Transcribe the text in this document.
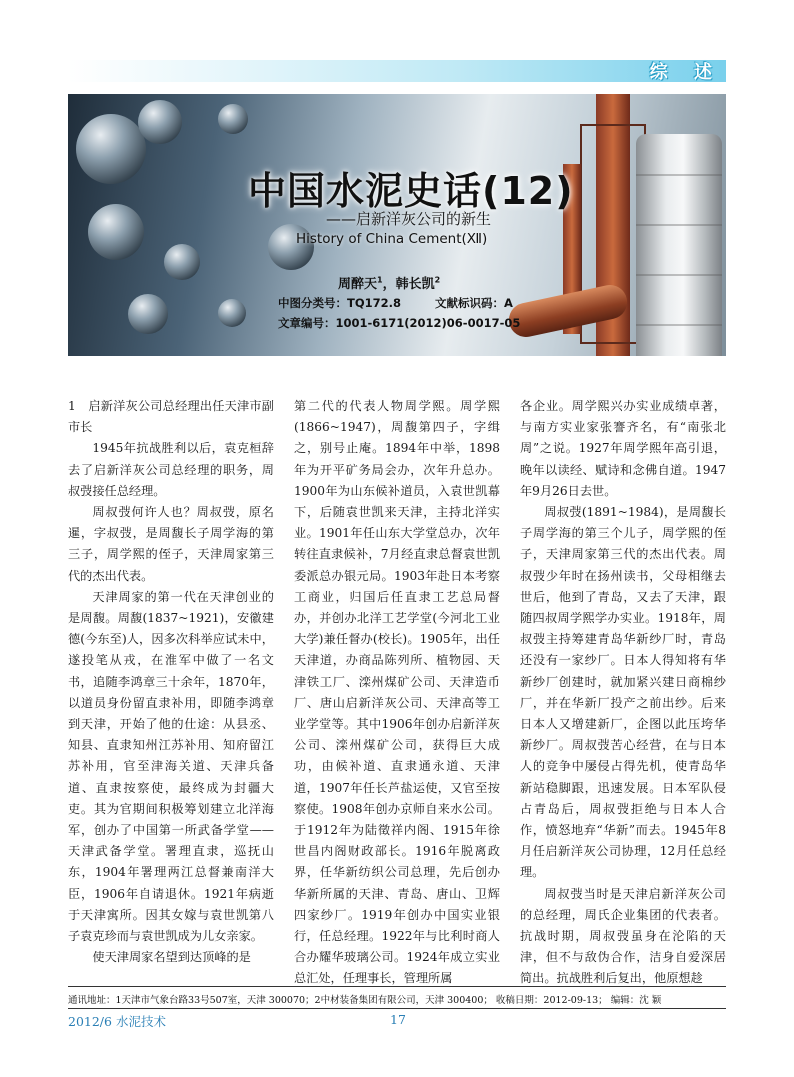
综 述
中国水泥史话(12)
——启新洋灰公司的新生
History of China Cement(Ⅻ)
周醉天$^1$，韩长凯$^2$
中图分类号：TQ172.8	文献标识码：A
文章编号：1001-6171(2012)06-0017-05
1　启新洋灰公司总经理出任天津市副市长

1945年抗战胜利以后，袁克桓辞去了启新洋灰公司总经理的职务，周叔弢接任总经理。

周叔弢何许人也？周叔弢，原名暹，字叔弢，是周馥长子周学海的第三子，周学熙的侄子，天津周家第三代的杰出代表。

天津周家的第一代在天津创业的是周馥。周馥(1837~1921)，安徽建德(今东至)人，因多次科举应试未中，遂投笔从戎，在淮军中做了一名文书，追随李鸿章三十余年，1870年，以道员身份留直隶补用，即随李鸿章到天津，开始了他的仕途：从县丞、知县、直隶知州江苏补用、知府留江苏补用，官至津海关道、天津兵备道、直隶按察使，最终成为封疆大吏。其为官期间积极筹划建立北洋海军，创办了中国第一所武备学堂——天津武备学堂。署理直隶，巡抚山东，1904年署理两江总督兼南洋大臣，1906年自请退休。1921年病逝于天津寓所。因其女嫁与袁世凯第八子袁克珍而与袁世凯成为儿女亲家。

使天津周家名望到达顶峰的是

第二代的代表人物周学熙。周学熙(1866~1947)，周馥第四子，字缉之，别号止庵。1894年中举，1898年为开平矿务局会办，次年升总办。1900年为山东候补道员，入袁世凯幕下，后随袁世凯来天津，主持北洋实业。1901年任山东大学堂总办，次年转往直隶候补，7月经直隶总督袁世凯委派总办银元局。1903年赴日本考察工商业，归国后任直隶工艺总局督办，并创办北洋工艺学堂(今河北工业大学)兼任督办(校长)。1905年，出任天津道，办商品陈列所、植物园、天津铁工厂、滦州煤矿公司、天津造币厂、唐山启新洋灰公司、天津高等工业学堂等。其中1906年创办启新洋灰公司、滦州煤矿公司，获得巨大成功，由候补道、直隶通永道、天津道，1907年任长芦盐运使，又官至按察使。1908年创办京师自来水公司。于1912年为陆徵祥内阁、1915年徐世昌内阁财政部长。1916年脱离政界，任华新纺织公司总理，先后创办华新所属的天津、青岛、唐山、卫辉四家纱厂。1919年创办中国实业银行，任总经理。1922年与比利时商人合办耀华玻璃公司。1924年成立实业总汇处，任理事长，管理所属

各企业。周学熙兴办实业成绩卓著，与南方实业家张謇齐名，有“南张北周”之说。1927年周学熙年高引退，晚年以读经、赋诗和念佛自道。1947年9月26日去世。

周叔弢(1891~1984)，是周馥长子周学海的第三个儿子，周学熙的侄子，天津周家第三代的杰出代表。周叔弢少年时在扬州读书，父母相继去世后，他到了青岛，又去了天津，跟随四叔周学熙学办实业。1918年，周叔弢主持筹建青岛华新纱厂时，青岛还没有一家纱厂。日本人得知将有华新纱厂创建时，就加紧兴建日商棉纱厂，并在华新厂投产之前出纱。后来日本人又增建新厂，企图以此压垮华新纱厂。周叔弢苦心经营，在与日本人的竞争中屡侵占得先机，使青岛华新站稳脚跟，迅速发展。日本军队侵占青岛后，周叔弢拒绝与日本人合作，愤怒地弃“华新”而去。1945年8月任启新洋灰公司协理，12月任总经理。

周叔弢当时是天津启新洋灰公司的总经理，周氏企业集团的代表者。抗战时期，周叔弢虽身在沦陷的天津，但不与敌伪合作，洁身自爱深居简出。抗战胜利后复出，他原想趁

通讯地址：1天津市气象台路33号507室，天津 300070；2中材装备集团有限公司，天津 300400； 收稿日期：2012-09-13； 编辑：沈 颖
2012/6 水泥技术	17
